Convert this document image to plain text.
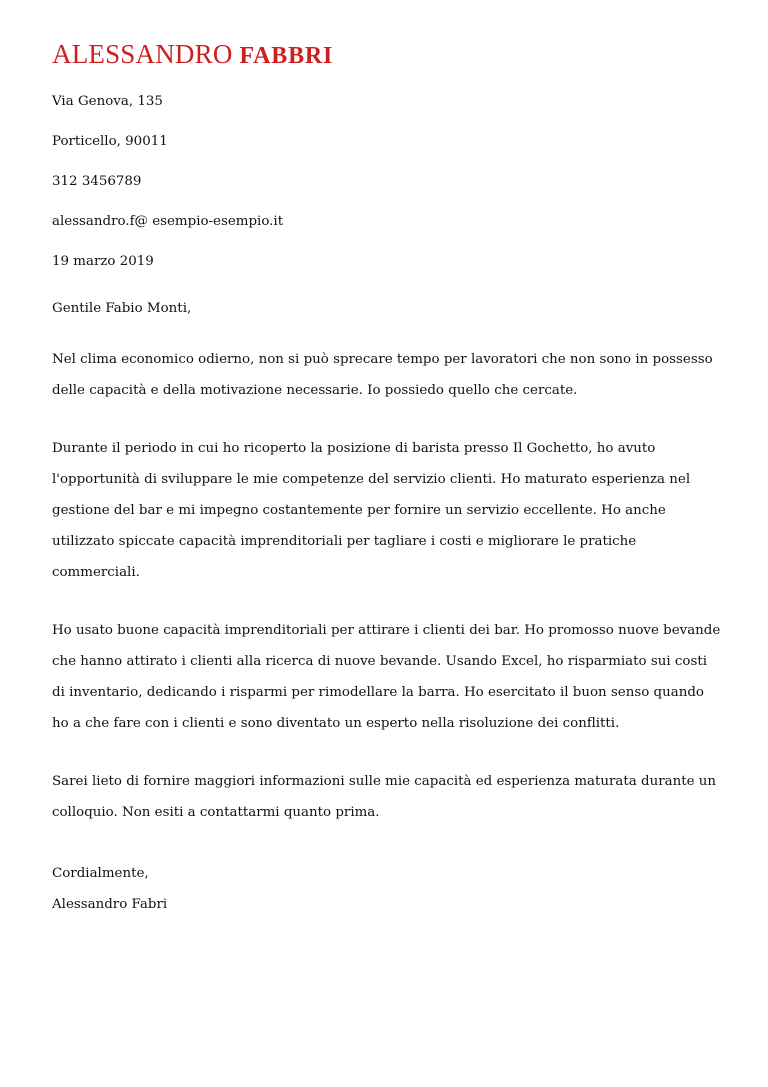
ALESSANDRO FABBRI
Via Genova, 135
Porticello, 90011
312 3456789
alessandro.f@ esempio-esempio.it
19 marzo 2019
Gentile Fabio Monti,
Nel clima economico odierno, non si può sprecare tempo per lavoratori che non sono in possesso delle capacità e della motivazione necessarie. Io possiedo quello che cercate.
Durante il periodo in cui ho ricoperto la posizione di barista presso Il Gochetto, ho avuto l'opportunità di sviluppare le mie competenze del servizio clienti. Ho maturato esperienza nel gestione del bar e mi impegno costantemente per fornire un servizio eccellente. Ho anche utilizzato spiccate capacità imprenditoriali per tagliare i costi e migliorare le pratiche commerciali.
Ho usato buone capacità imprenditoriali per attirare i clienti dei bar. Ho promosso nuove bevande che hanno attirato i clienti alla ricerca di nuove bevande. Usando Excel, ho risparmiato sui costi di inventario, dedicando i risparmi per rimodellare la barra. Ho esercitato il buon senso quando ho a che fare con i clienti e sono diventato un esperto nella risoluzione dei conflitti.
Sarei lieto di fornire maggiori informazioni sulle mie capacità ed esperienza maturata durante un colloquio. Non esiti a contattarmi quanto prima.
Cordialmente,
Alessandro Fabri
